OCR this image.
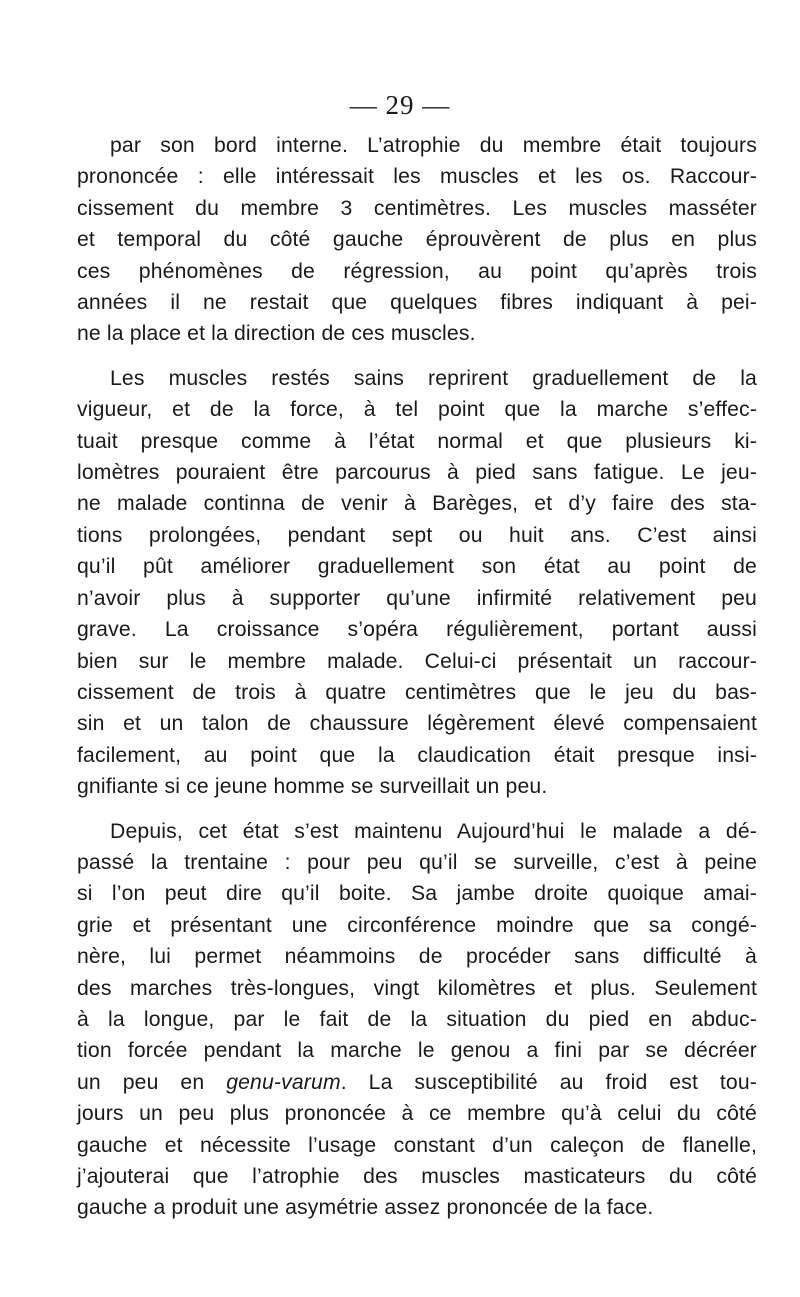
— 29 —
par son bord interne. L’atrophie du membre était toujours
prononcée : elle intéressait les muscles et les os. Raccour-
cissement du membre 3 centimètres. Les muscles masséter
et temporal du côté gauche éprouvèrent de plus en plus
ces phénomènes de régression, au point qu’après trois
années il ne restait que quelques fibres indiquant à pei-
ne la place et la direction de ces muscles.
Les muscles restés sains reprirent graduellement de la
vigueur, et de la force, à tel point que la marche s’effec-
tuait presque comme à l’état normal et que plusieurs ki-
lomètres pouraient être parcourus à pied sans fatigue. Le jeu-
ne malade continna de venir à Barèges, et d’y faire des sta-
tions prolongées, pendant sept ou huit ans. C’est ainsi
qu’il pût améliorer graduellement son état au point de
n’avoir plus à supporter qu’une infirmité relativement peu
grave. La croissance s’opéra régulièrement, portant aussi
bien sur le membre malade. Celui-ci présentait un raccour-
cissement de trois à quatre centimètres que le jeu du bas-
sin et un talon de chaussure légèrement élevé compensaient
facilement, au point que la claudication était presque insi-
gnifiante si ce jeune homme se surveillait un peu.
Depuis, cet état s’est maintenu Aujourd’hui le malade a dé-
passé la trentaine : pour peu qu’il se surveille, c’est à peine
si l’on peut dire qu’il boite. Sa jambe droite quoique amai-
grie et présentant une circonférence moindre que sa congé-
nère, lui permet néammoins de procéder sans difficulté à
des marches très-longues, vingt kilomètres et plus. Seulement
à la longue, par le fait de la situation du pied en abduc-
tion forcée pendant la marche le genou a fini par se décréer
un peu en genu-varum. La susceptibilité au froid est tou-
jours un peu plus prononcée à ce membre qu’à celui du côté
gauche et nécessite l’usage constant d’un caleçon de flanelle,
j’ajouterai que l’atrophie des muscles masticateurs du côté
gauche a produit une asymétrie assez prononcée de la face.
